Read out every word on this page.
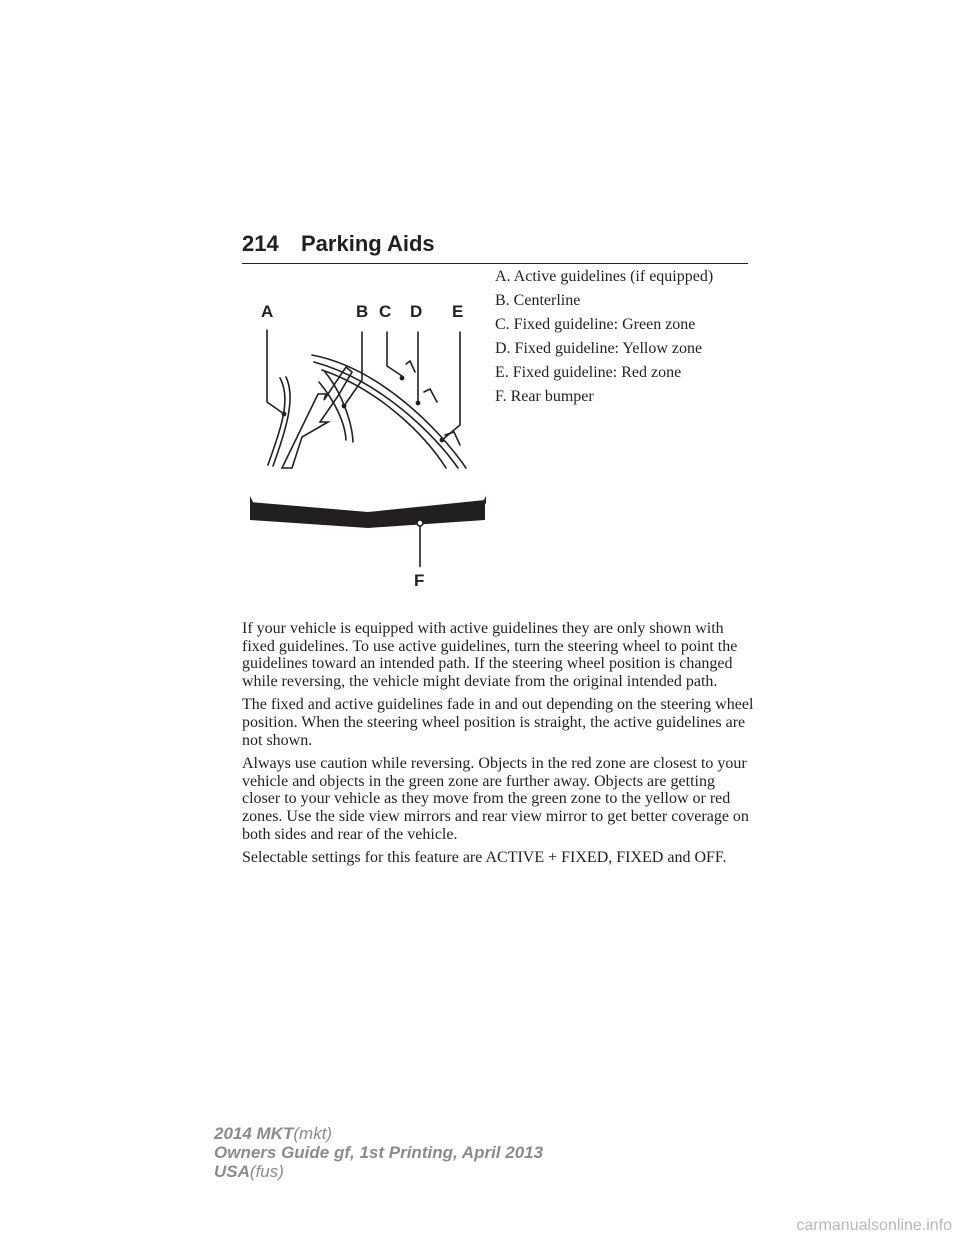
214 Parking Aids
A	B C D E
F
A. Active guidelines (if equipped)
B. Centerline
C. Fixed guideline: Green zone
D. Fixed guideline: Yellow zone
E. Fixed guideline: Red zone
F. Rear bumper

If your vehicle is equipped with active guidelines they are only shown with fixed guidelines. To use active guidelines, turn the steering wheel to point the guidelines toward an intended path. If the steering wheel position is changed while reversing, the vehicle might deviate from the original intended path.

The fixed and active guidelines fade in and out depending on the steering wheel position. When the steering wheel position is straight, the active guidelines are not shown.

Always use caution while reversing. Objects in the red zone are closest to your vehicle and objects in the green zone are further away. Objects are getting closer to your vehicle as they move from the green zone to the yellow or red zones. Use the side view mirrors and rear view mirror to get better coverage on both sides and rear of the vehicle.

Selectable settings for this feature are ACTIVE + FIXED, FIXED and OFF.

2014 MKT(mkt)
Owners Guide gf, 1st Printing, April 2013
USA(fus)
carmanualsonline.info
